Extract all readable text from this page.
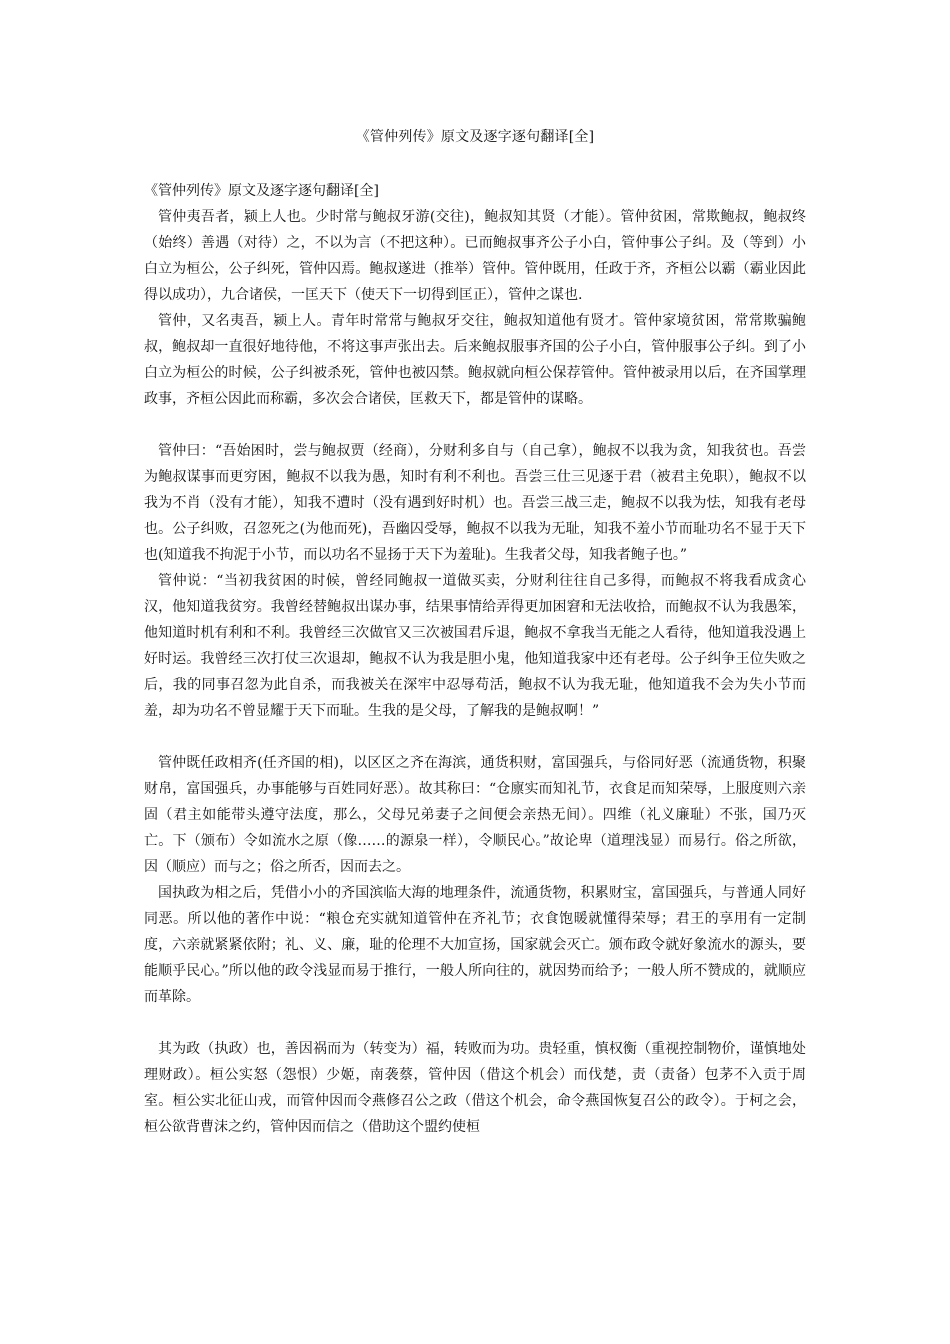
《管仲列传》原文及逐字逐句翻译[全]

《管仲列传》原文及逐字逐句翻译[全]

管仲夷吾者，颍上人也。少时常与鲍叔牙游(交往)，鲍叔知其贤（才能）。管仲贫困，常欺鲍叔，鲍叔终（始终）善遇（对待）之，不以为言（不把这种）。已而鲍叔事齐公子小白，管仲事公子纠。及（等到）小白立为桓公，公子纠死，管仲囚焉。鲍叔遂进（推举）管仲。管仲既用，任政于齐，齐桓公以霸（霸业因此得以成功），九合诸侯，一匡天下（使天下一切得到匡正），管仲之谋也.

管仲，又名夷吾，颍上人。青年时常常与鲍叔牙交往，鲍叔知道他有贤才。管仲家境贫困，常常欺骗鲍叔，鲍叔却一直很好地待他，不将这事声张出去。后来鲍叔服事齐国的公子小白，管仲服事公子纠。到了小白立为桓公的时候，公子纠被杀死，管仲也被囚禁。鲍叔就向桓公保荐管仲。管仲被录用以后，在齐国掌理政事，齐桓公因此而称霸，多次会合诸侯，匡救天下，都是管仲的谋略。

管仲曰：“吾始困时，尝与鲍叔贾（经商），分财利多自与（自己拿），鲍叔不以我为贪，知我贫也。吾尝为鲍叔谋事而更穷困，鲍叔不以我为愚，知时有利不利也。吾尝三仕三见逐于君（被君主免职），鲍叔不以我为不肖（没有才能），知我不遭时（没有遇到好时机）也。吾尝三战三走，鲍叔不以我为怯，知我有老母也。公子纠败，召忽死之(为他而死)，吾幽囚受辱，鲍叔不以我为无耻，知我不羞小节而耻功名不显于天下也(知道我不拘泥于小节，而以功名不显扬于天下为羞耻)。生我者父母，知我者鲍子也。”

管仲说：“当初我贫困的时候，曾经同鲍叔一道做买卖，分财利往往自己多得，而鲍叔不将我看成贪心汉，他知道我贫穷。我曾经替鲍叔出谋办事，结果事情给弄得更加困窘和无法收拾，而鲍叔不认为我愚笨，他知道时机有利和不利。我曾经三次做官又三次被国君斥退，鲍叔不拿我当无能之人看待，他知道我没遇上好时运。我曾经三次打仗三次退却，鲍叔不认为我是胆小鬼，他知道我家中还有老母。公子纠争王位失败之后，我的同事召忽为此自杀，而我被关在深牢中忍辱苟活，鲍叔不认为我无耻，他知道我不会为失小节而羞，却为功名不曾显耀于天下而耻。生我的是父母，了解我的是鲍叔啊！”

管仲既任政相齐(任齐国的相)，以区区之齐在海滨，通货积财，富国强兵，与俗同好恶（流通货物，积聚财帛，富国强兵，办事能够与百姓同好恶）。故其称曰：“仓廪实而知礼节，衣食足而知荣辱，上服度则六亲固（君主如能带头遵守法度，那么，父母兄弟妻子之间便会亲热无间）。四维（礼义廉耻）不张，国乃灭亡。下（颁布）令如流水之原（像……的源泉一样），令顺民心。”故论卑（道理浅显）而易行。俗之所欲，因（顺应）而与之；俗之所否，因而去之。

国执政为相之后，凭借小小的齐国滨临大海的地理条件，流通货物，积累财宝，富国强兵，与普通人同好同恶。所以他的著作中说：“粮仓充实就知道管仲在齐礼节；衣食饱暖就懂得荣辱；君王的享用有一定制度，六亲就紧紧依附；礼、义、廉，耻的伦理不大加宣扬，国家就会灭亡。颁布政令就好象流水的源头，要能顺乎民心。”所以他的政令浅显而易于推行，一般人所向往的，就因势而给予；一般人所不赞成的，就顺应而革除。

其为政（执政）也，善因祸而为（转变为）福，转败而为功。贵轻重，慎权衡（重视控制物价，谨慎地处理财政）。桓公实怒（怨恨）少姬，南袭蔡，管仲因（借这个机会）而伐楚，责（责备）包茅不入贡于周室。桓公实北征山戎，而管仲因而令燕修召公之政（借这个机会，命令燕国恢复召公的政令）。于柯之会，桓公欲背曹沫之约，管仲因而信之（借助这个盟约使桓
